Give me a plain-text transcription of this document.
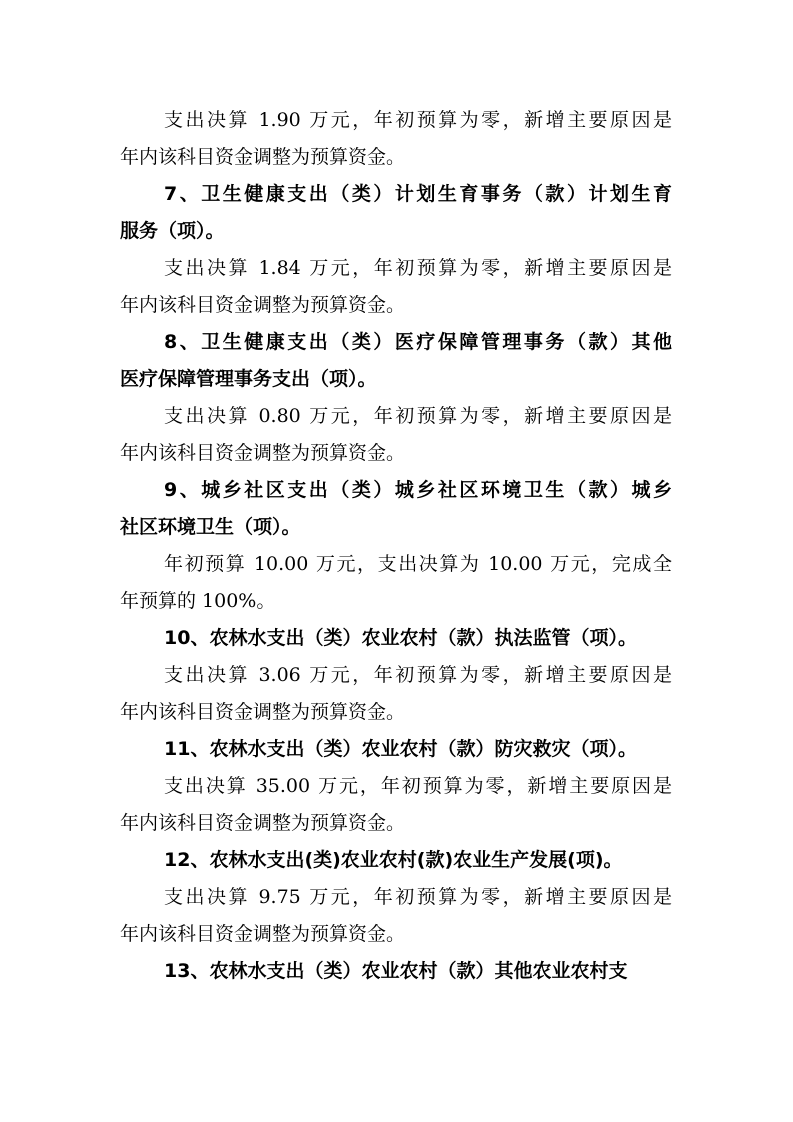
支出决算 1.90 万元，年初预算为零，新增主要原因是
年内该科目资金调整为预算资金。
7、卫生健康支出（类）计划生育事务（款）计划生育
服务（项）。
支出决算 1.84 万元，年初预算为零，新增主要原因是
年内该科目资金调整为预算资金。
8、卫生健康支出（类）医疗保障管理事务（款）其他
医疗保障管理事务支出（项）。
支出决算 0.80 万元，年初预算为零，新增主要原因是
年内该科目资金调整为预算资金。
9、城乡社区支出（类）城乡社区环境卫生（款）城乡
社区环境卫生（项）。
年初预算 10.00 万元，支出决算为 10.00 万元，完成全
年预算的 100%。
10、农林水支出（类）农业农村（款）执法监管（项）。
支出决算 3.06 万元，年初预算为零，新增主要原因是
年内该科目资金调整为预算资金。
11、农林水支出（类）农业农村（款）防灾救灾（项）。
支出决算 35.00 万元，年初预算为零，新增主要原因是
年内该科目资金调整为预算资金。
12、农林水支出(类)农业农村(款)农业生产发展(项)。
支出决算 9.75 万元，年初预算为零，新增主要原因是
年内该科目资金调整为预算资金。
13、农林水支出（类）农业农村（款）其他农业农村支
